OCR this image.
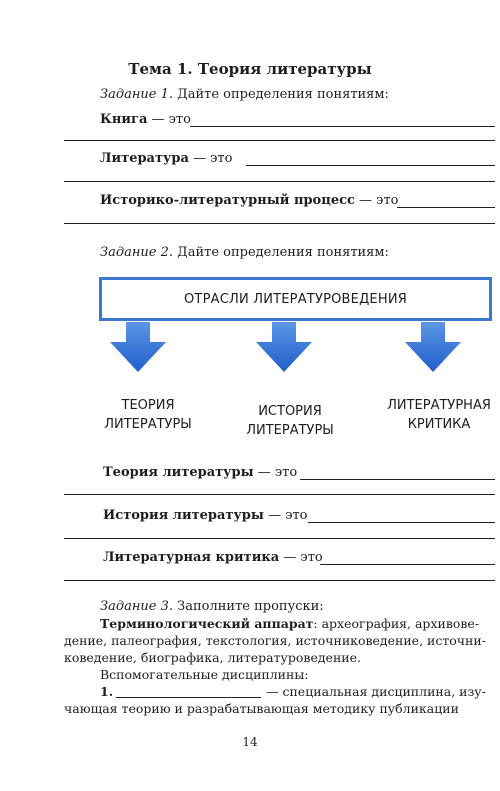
Тема 1. Теория литературы
Задание 1. Дайте определения понятиям:
Книга — это
Литература — это
Историко-литературный процесс — это
Задание 2. Дайте определения понятиям:
ОТРАСЛИ ЛИТЕРАТУРОВЕДЕНИЯ
ТЕОРИЯ
ЛИТЕРАТУРЫ
ИСТОРИЯ
ЛИТЕРАТУРЫ
ЛИТЕРАТУРНАЯ
КРИТИКА
Теория литературы — это
История литературы — это
Литературная критика — это
Задание 3. Заполните пропуски:
Терминологический аппарат: археография, архивове-
дение, палеография, текстология, источниковедение, источни-
коведение, биографика, литературоведение.
Вспомогательные дисциплины:
1.	— специальная дисциплина, изу-
чающая теорию и разрабатывающая методику публикации
14
